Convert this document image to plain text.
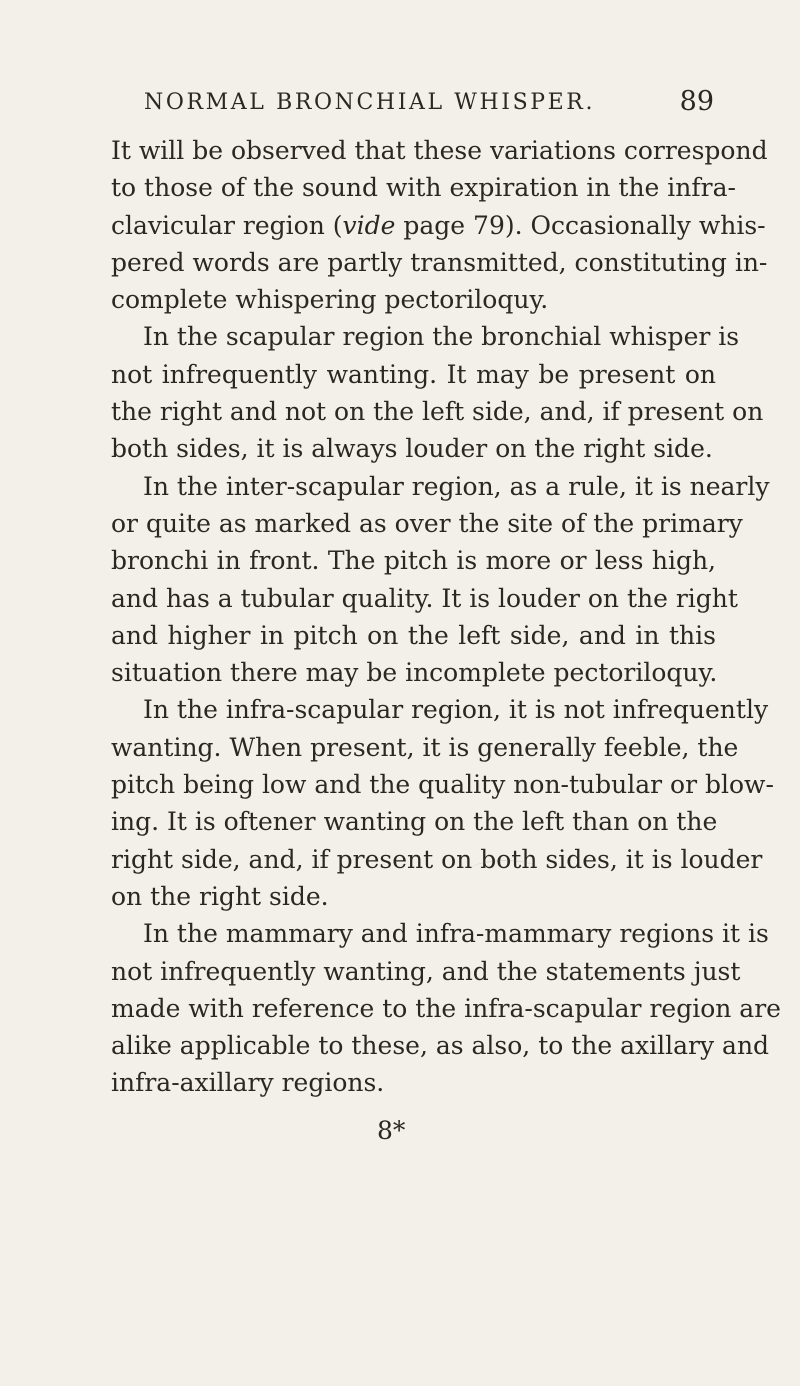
NORMAL BRONCHIAL WHISPER.	89
It will be observed that these variations correspond
to those of the sound with expiration in the infra-
clavicular region (vide page 79). Occasionally whis-
pered words are partly transmitted, constituting in-
complete whispering pectoriloquy.
In the scapular region the bronchial whisper is
not infrequently wanting. It may be present on
the right and not on the left side, and, if present on
both sides, it is always louder on the right side.
In the inter-scapular region, as a rule, it is nearly
or quite as marked as over the site of the primary
bronchi in front. The pitch is more or less high,
and has a tubular quality. It is louder on the right
and higher in pitch on the left side, and in this
situation there may be incomplete pectoriloquy.
In the infra-scapular region, it is not infrequently
wanting. When present, it is generally feeble, the
pitch being low and the quality non-tubular or blow-
ing. It is oftener wanting on the left than on the
right side, and, if present on both sides, it is louder
on the right side.
In the mammary and infra-mammary regions it is
not infrequently wanting, and the statements just
made with reference to the infra-scapular region are
alike applicable to these, as also, to the axillary and
infra-axillary regions.
8*
